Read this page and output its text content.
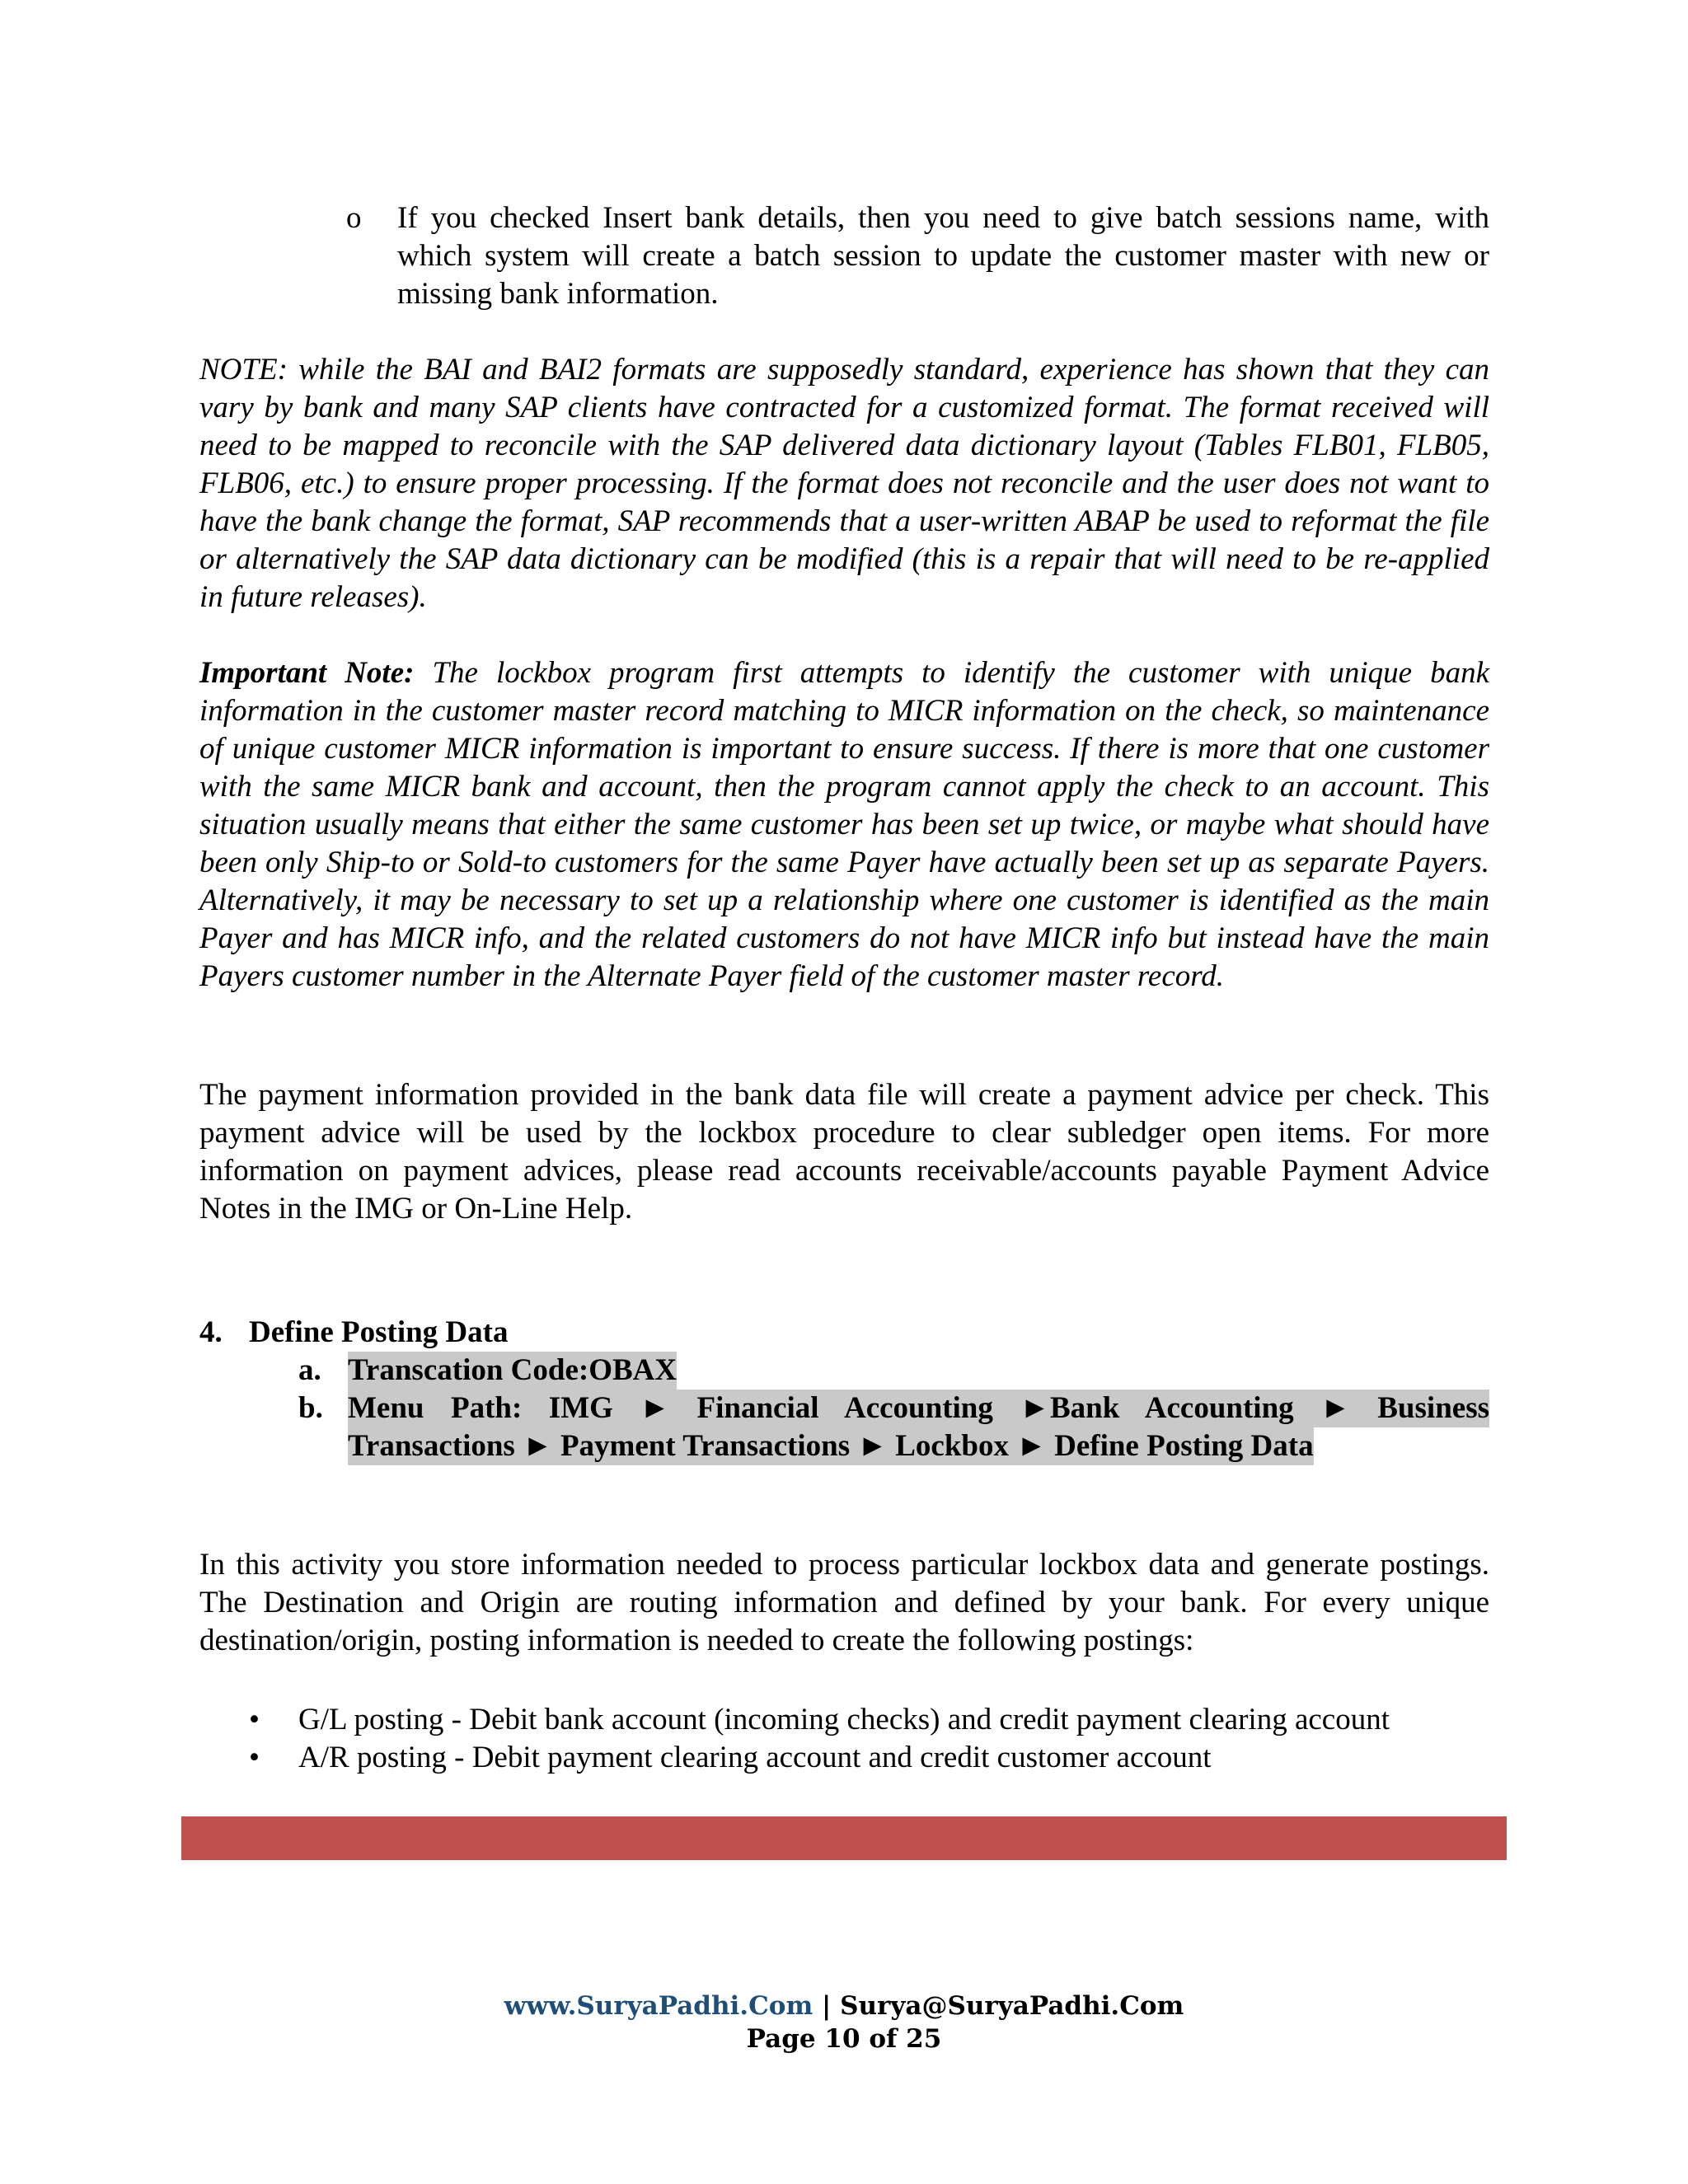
o If you checked Insert bank details, then you need to give batch sessions name, with which system will create a batch session to update the customer master with new or missing bank information.
NOTE: while the BAI and BAI2 formats are supposedly standard, experience has shown that they can vary by bank and many SAP clients have contracted for a customized format. The format received will need to be mapped to reconcile with the SAP delivered data dictionary layout (Tables FLB01, FLB05, FLB06, etc.) to ensure proper processing. If the format does not reconcile and the user does not want to have the bank change the format, SAP recommends that a user-written ABAP be used to reformat the file or alternatively the SAP data dictionary can be modified (this is a repair that will need to be re-applied in future releases).
Important Note: The lockbox program first attempts to identify the customer with unique bank information in the customer master record matching to MICR information on the check, so maintenance of unique customer MICR information is important to ensure success. If there is more that one customer with the same MICR bank and account, then the program cannot apply the check to an account. This situation usually means that either the same customer has been set up twice, or maybe what should have been only Ship-to or Sold-to customers for the same Payer have actually been set up as separate Payers. Alternatively, it may be necessary to set up a relationship where one customer is identified as the main Payer and has MICR info, and the related customers do not have MICR info but instead have the main Payers customer number in the Alternate Payer field of the customer master record.
The payment information provided in the bank data file will create a payment advice per check. This payment advice will be used by the lockbox procedure to clear subledger open items. For more information on payment advices, please read accounts receivable/accounts payable Payment Advice Notes in the IMG or On-Line Help.
4. Define Posting Data
a. Transcation Code:OBAX
b. Menu Path: IMG ► Financial Accounting ►Bank Accounting ► Business
Transactions ► Payment Transactions ► Lockbox ► Define Posting Data
In this activity you store information needed to process particular lockbox data and generate postings. The Destination and Origin are routing information and defined by your bank. For every unique destination/origin, posting information is needed to create the following postings:
• G/L posting - Debit bank account (incoming checks) and credit payment clearing account
• A/R posting - Debit payment clearing account and credit customer account
www.SuryaPadhi.Com | Surya@SuryaPadhi.Com
Page 10 of 25
